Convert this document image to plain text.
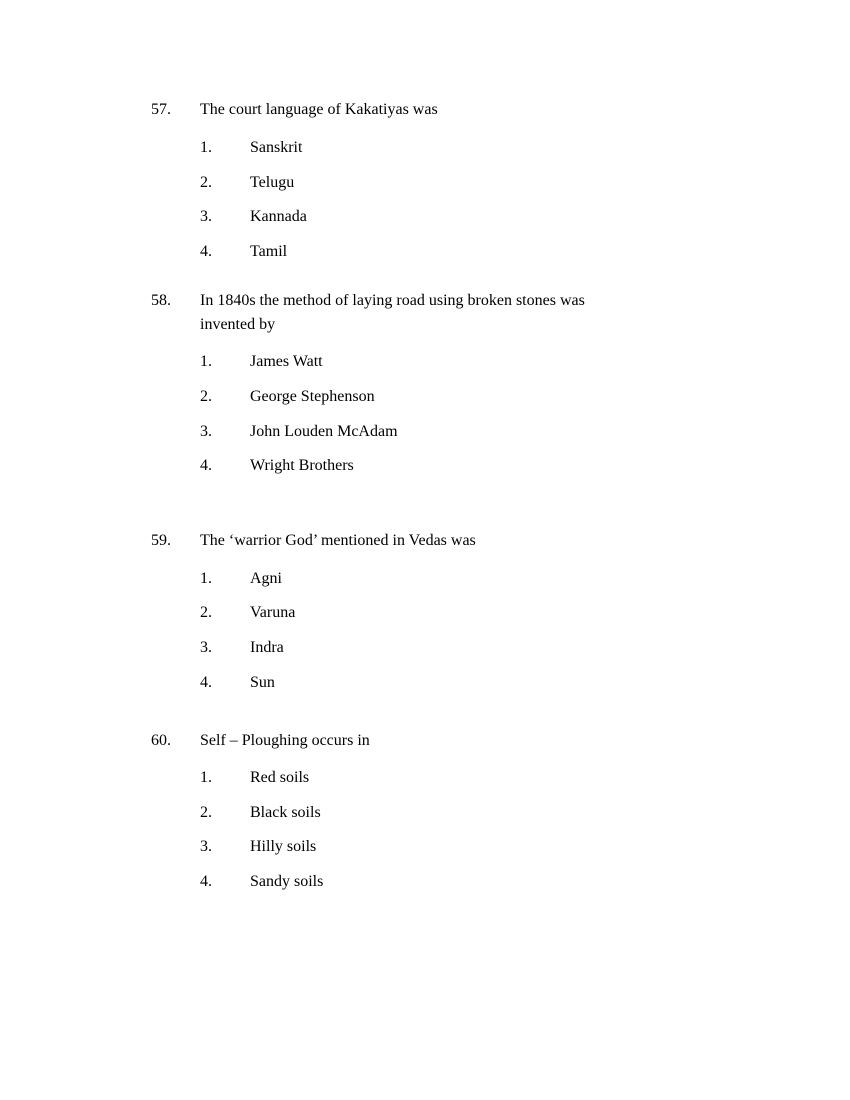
57. The court language of Kakatiyas was
1. Sanskrit
2. Telugu
3. Kannada
4. Tamil
58. In 1840s the method of laying road using broken stones was invented by
1. James Watt
2. George Stephenson
3. John Louden McAdam
4. Wright Brothers
59. The ‘warrior God’ mentioned in Vedas was
1. Agni
2. Varuna
3. Indra
4. Sun
60. Self – Ploughing occurs in
1. Red soils
2. Black soils
3. Hilly soils
4. Sandy soils
